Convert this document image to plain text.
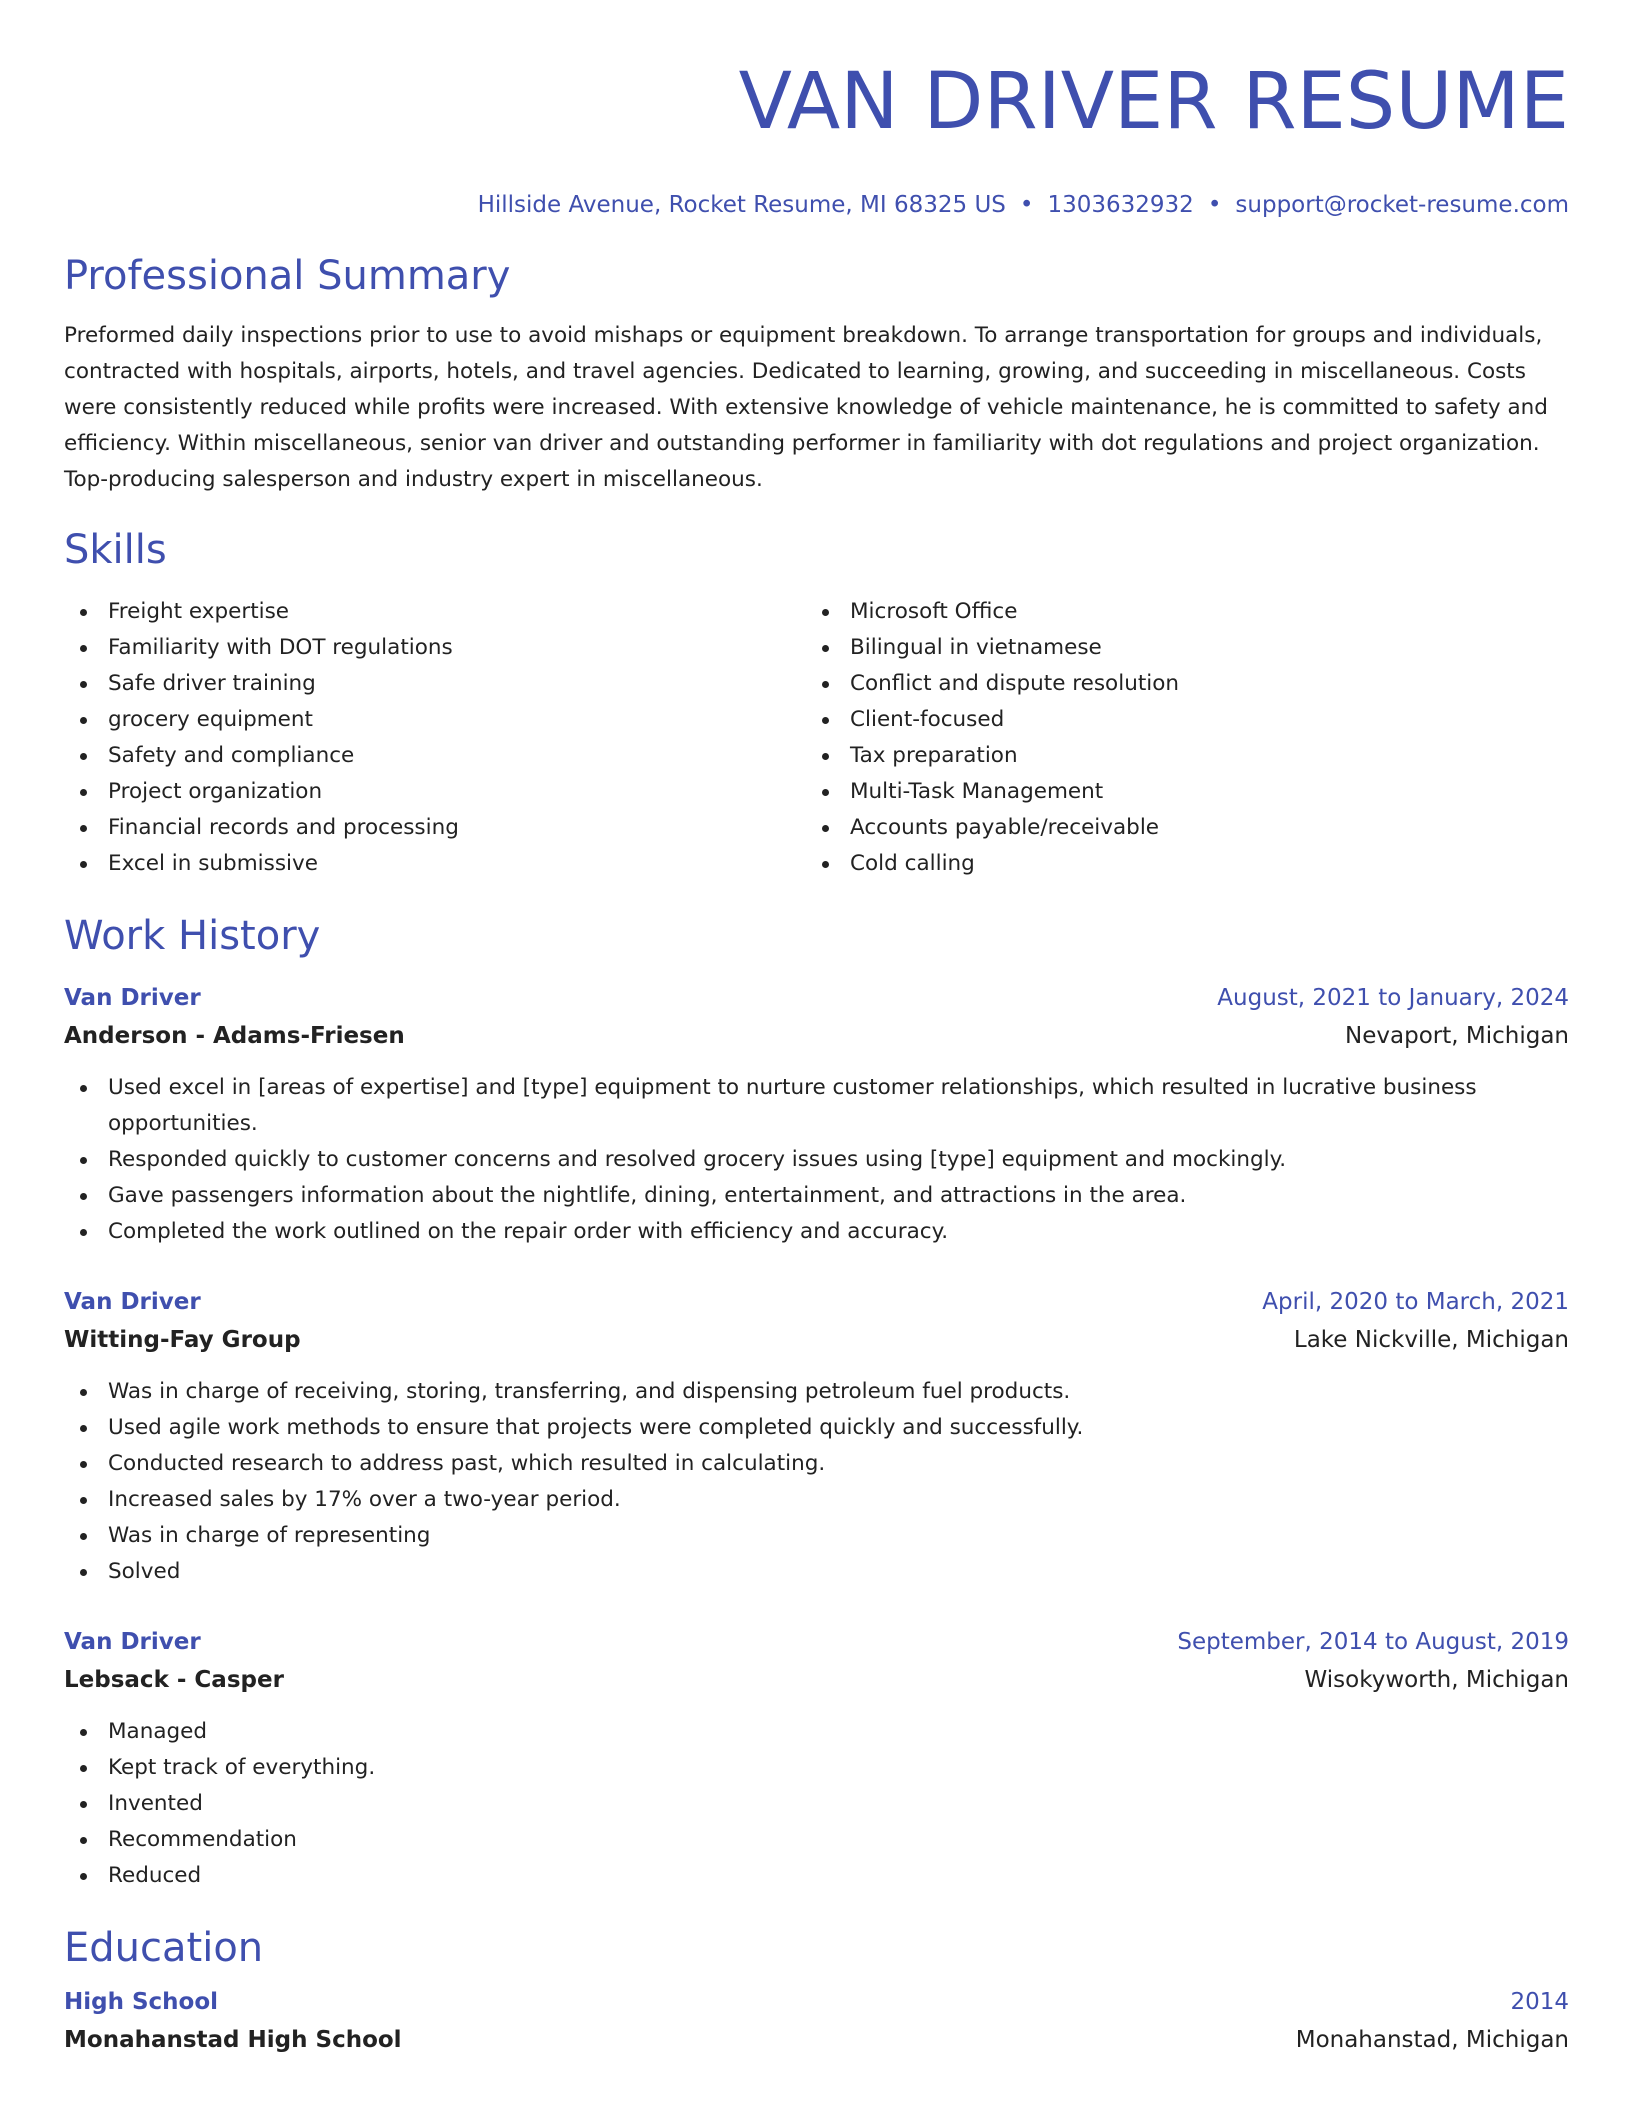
VAN DRIVER RESUME
Hillside Avenue, Rocket Resume, MI 68325 US • 1303632932 • support@rocket-resume.com
Professional Summary

Preformed daily inspections prior to use to avoid mishaps or equipment breakdown. To arrange transportation for groups and individuals, contracted with hospitals, airports, hotels, and travel agencies. Dedicated to learning, growing, and succeeding in miscellaneous. Costs were consistently reduced while profits were increased. With extensive knowledge of vehicle maintenance, he is committed to safety and efficiency. Within miscellaneous, senior van driver and outstanding performer in familiarity with dot regulations and project organization. Top-producing salesperson and industry expert in miscellaneous.

Skills
Freight expertise
Familiarity with DOT regulations
Safe driver training
grocery equipment
Safety and compliance
Project organization
Financial records and processing
Excel in submissive
Microsoft Office
Bilingual in vietnamese
Conflict and dispute resolution
Client-focused
Tax preparation
Multi-Task Management
Accounts payable/receivable
Cold calling
Work History
Van Driver	August, 2021 to January, 2024
Anderson - Adams-Friesen	Nevaport, Michigan
Used excel in [areas of expertise] and [type] equipment to nurture customer relationships, which resulted in lucrative business opportunities.
Responded quickly to customer concerns and resolved grocery issues using [type] equipment and mockingly.
Gave passengers information about the nightlife, dining, entertainment, and attractions in the area.
Completed the work outlined on the repair order with efficiency and accuracy.
Van Driver	April, 2020 to March, 2021
Witting-Fay Group	Lake Nickville, Michigan
Was in charge of receiving, storing, transferring, and dispensing petroleum fuel products.
Used agile work methods to ensure that projects were completed quickly and successfully.
Conducted research to address past, which resulted in calculating.
Increased sales by 17% over a two-year period.
Was in charge of representing
Solved
Van Driver	September, 2014 to August, 2019
Lebsack - Casper	Wisokyworth, Michigan
Managed
Kept track of everything.
Invented
Recommendation
Reduced
Education
High School	2014
Monahanstad High School	Monahanstad, Michigan
